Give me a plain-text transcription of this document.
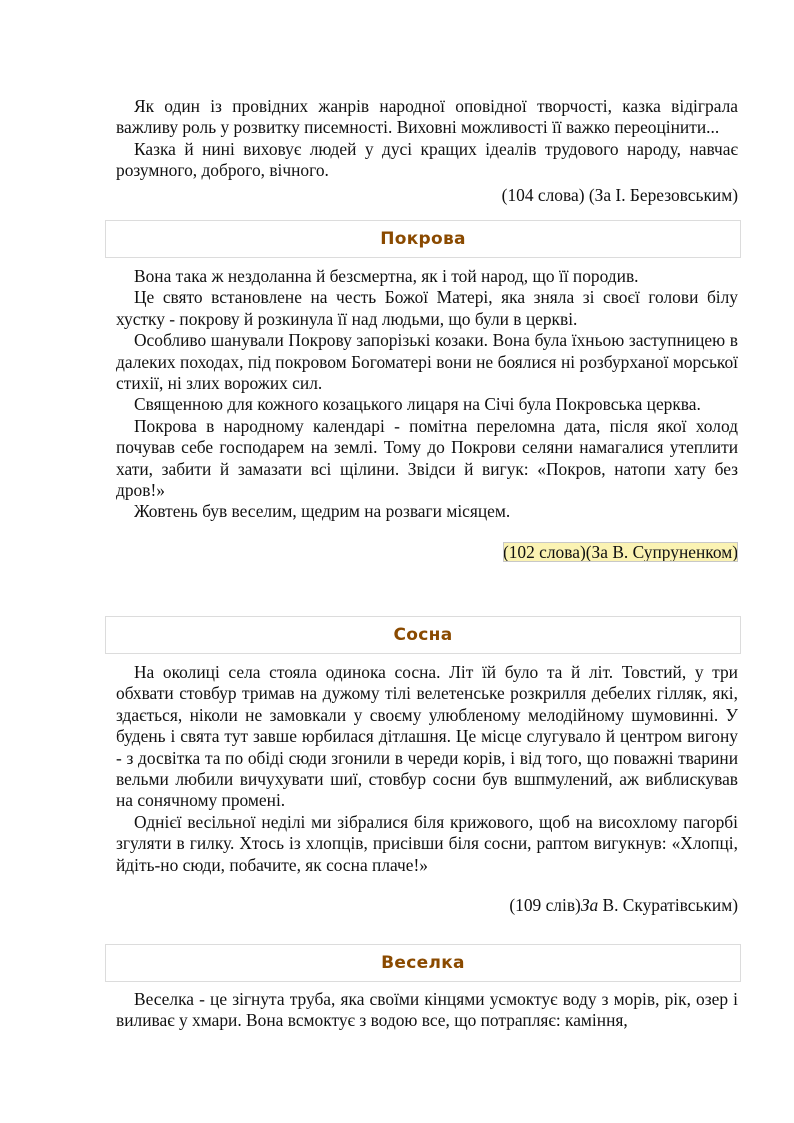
Як один із провідних жанрів народної оповідної творчості, казка відіграла важливу роль у розвитку писемності. Виховні можливості її важко переоцінити...

Казка й нині виховує людей у дусі кращих ідеалів трудового народу, навчає розумного, доброго, вічного.

(104 слова) (За І. Березовським)

Покрова

Вона така ж нездоланна й безсмертна, як і той народ, що її породив.

Це свято встановлене на честь Божої Матері, яка зняла зі своєї голови білу хустку - покрову й розкинула її над людьми, що були в церкві.

Особливо шанували Покрову запорізькі козаки. Вона була їхньою заступницею в далеких походах, під покровом Богоматері вони не боялися ні розбурханої морської стихії, ні злих ворожих сил.

Священною для кожного козацького лицаря на Січі була Покровська церква.

Покрова в народному календарі - помітна переломна дата, після якої холод почував себе господарем на землі. Тому до Покрови селяни намагалися утеплити хати, забити й замазати всі щілини. Звідси й вигук: «Покров, натопи хату без дров!»

Жовтень був веселим, щедрим на розваги місяцем.

(102 слова)(За В. Супруненком)

Сосна

На околиці села стояла одинока сосна. Літ їй було та й літ. Товстий, у три обхвати стовбур тримав на дужому тілі велетенське розкрилля дебелих гілляк, які, здається, ніколи не замовкали у своєму улюбленому мелодійному шумовинні. У будень і свята тут завше юрбилася дітлашня. Це місце слугувало й центром вигону - з досвітка та по обіді сюди згонили в череди корів, і від того, що поважні тварини вельми любили вичухувати шиї, стовбур сосни був вшпмулений, аж виблискував на сонячному промені.

Однієї весільної неділі ми зібралися біля крижового, щоб на висохлому пагорбі згуляти в гилку. Хтось із хлопців, присівши біля сосни, раптом вигукнув: «Хлопці, йдіть-но сюди, побачите, як сосна плаче!»

(109 слів)За В. Скуратівським)

Веселка

Веселка - це зігнута труба, яка своїми кінцями усмоктує воду з морів, рік, озер і виливає у хмари. Вона всмоктує з водою все, що потрапляє: каміння,
